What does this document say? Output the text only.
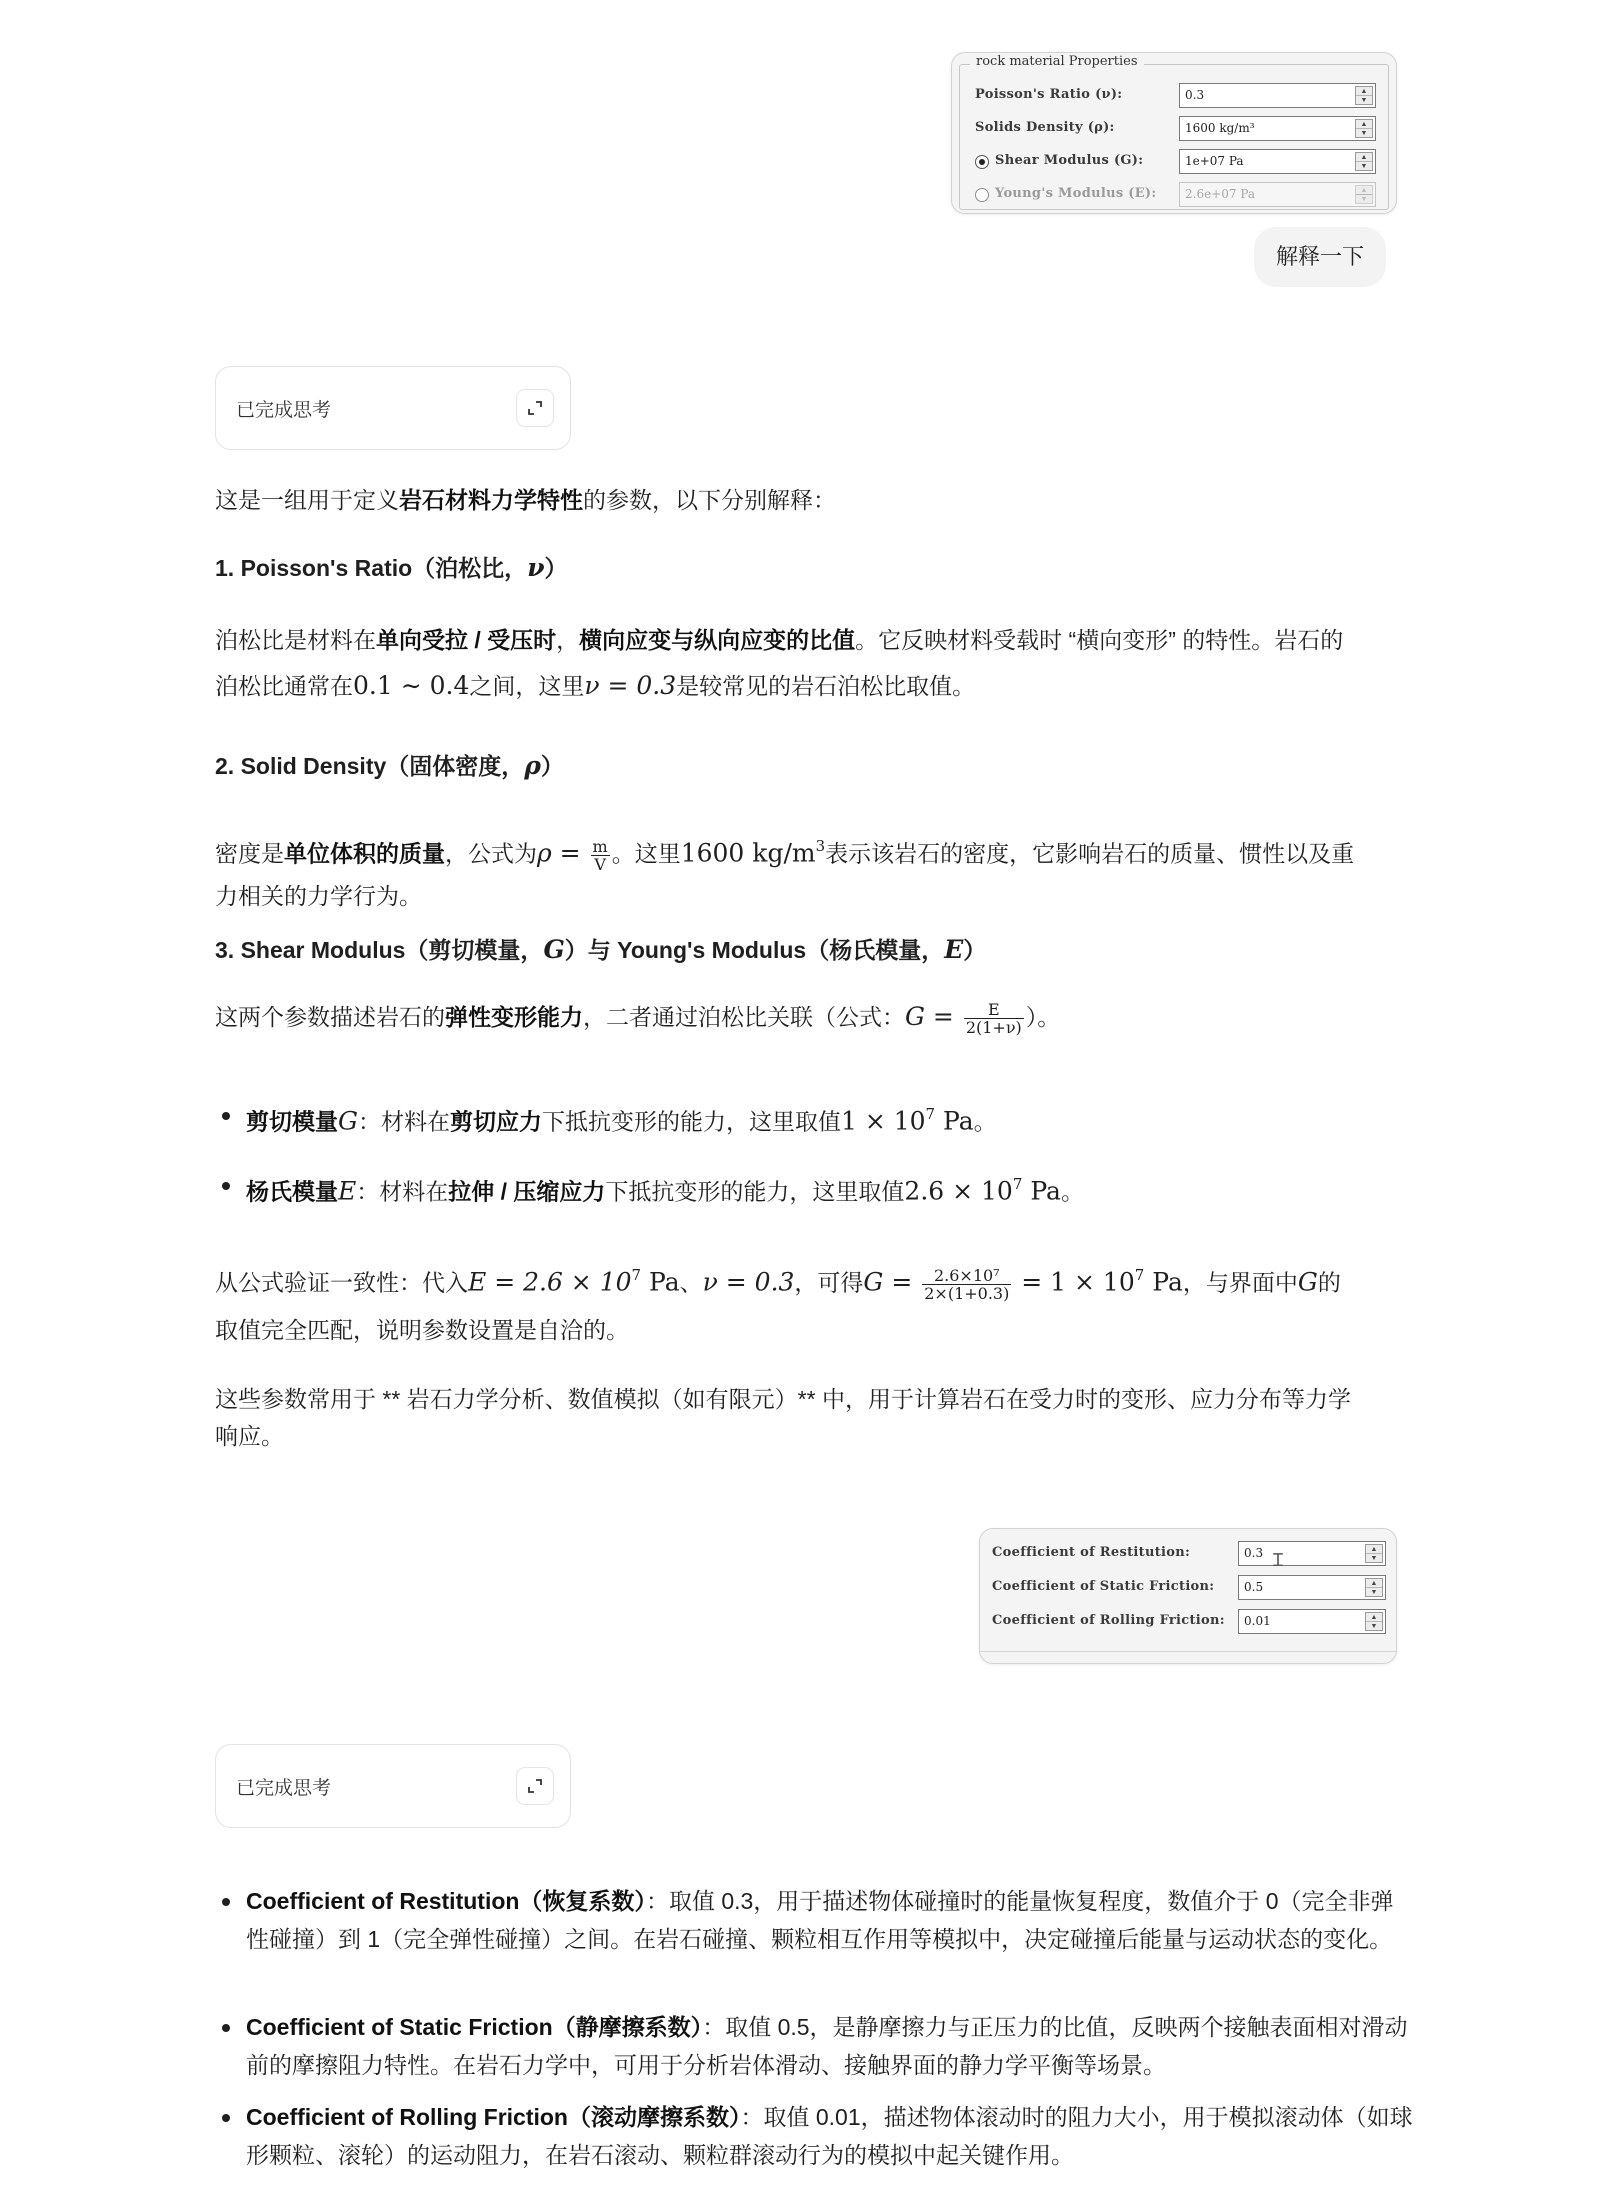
rock material Properties
Poisson's Ratio (ν):	0.3	▲
▼
Solids Density (ρ):	1600 kg/m³	▲
▼
Shear Modulus (G):	1e+07 Pa	▲
▼
Young's Modulus (E): 2.6e+07 Pa	▲
▼
解释一下
已完成思考
这是一组用于定义岩石材料力学特性的参数，以下分别解释：
1. Poisson's Ratio（泊松比，ν）
泊松比是材料在单向受拉 / 受压时，横向应变与纵向应变的比值。它反映材料受载时 “横向变形” 的特性。岩石的
泊松比通常在0.1 ∼ 0.4之间，这里ν = 0.3是较常见的岩石泊松比取值。
2. Solid Density（固体密度，ρ）
密度是单位体积的质量，公式为$\rho = \frac{m}{V}$ 。这里1600 $kg/m^3$表示该岩石的密度，它影响岩石的质量、惯性以及重
力相关的力学行为。
3. Shear Modulus（剪切模量，G）与 Young's Modulus（杨氏模量，E）
这两个参数描述岩石的弹性变形能力，二者通过泊松比关联（公式：$G = \frac{E}{2(1+\nu)}$ ）。
剪切模量G：材料在剪切应力下抵抗变形的能力，这里取值$1 \times 10^7$ Pa。
杨氏模量E：材料在拉伸 / 压缩应力下抵抗变形的能力，这里取值$2.6 \times 10^7$ Pa。
从公式验证一致性：代入$E = 2.6 \times 10^7$ Pa、ν = 0.3，可得$G = \frac{\text{2.6×10⁷}}{2\times(1+0.3)} = 1 \times 10^7$ Pa，与界面中G的
取值完全匹配，说明参数设置是自洽的。
这些参数常用于 ** 岩石力学分析、数值模拟（如有限元）** 中，用于计算岩石在受力时的变形、应力分布等力学
响应。
Coefficient of Restitution:	0.3	▲
▼
Ɪ
Coefficient of Static Friction: 0.5	▲
▼
Coefficient of Rolling Friction: 0.01	▲
▼
已完成思考
Coefficient of Restitution（恢复系数）：取值 0.3，用于描述物体碰撞时的能量恢复程度，数值介于 0（完全非弹性碰撞）到 1（完全弹性碰撞）之间。在岩石碰撞、颗粒相互作用等模拟中，决定碰撞后能量与运动状态的变化。
Coefficient of Static Friction（静摩擦系数）：取值 0.5，是静摩擦力与正压力的比值，反映两个接触表面相对滑动前的摩擦阻力特性。在岩石力学中，可用于分析岩体滑动、接触界面的静力学平衡等场景。
Coefficient of Rolling Friction（滚动摩擦系数）：取值 0.01，描述物体滚动时的阻力大小，用于模拟滚动体（如球形颗粒、滚轮）的运动阻力，在岩石滚动、颗粒群滚动行为的模拟中起关键作用。
